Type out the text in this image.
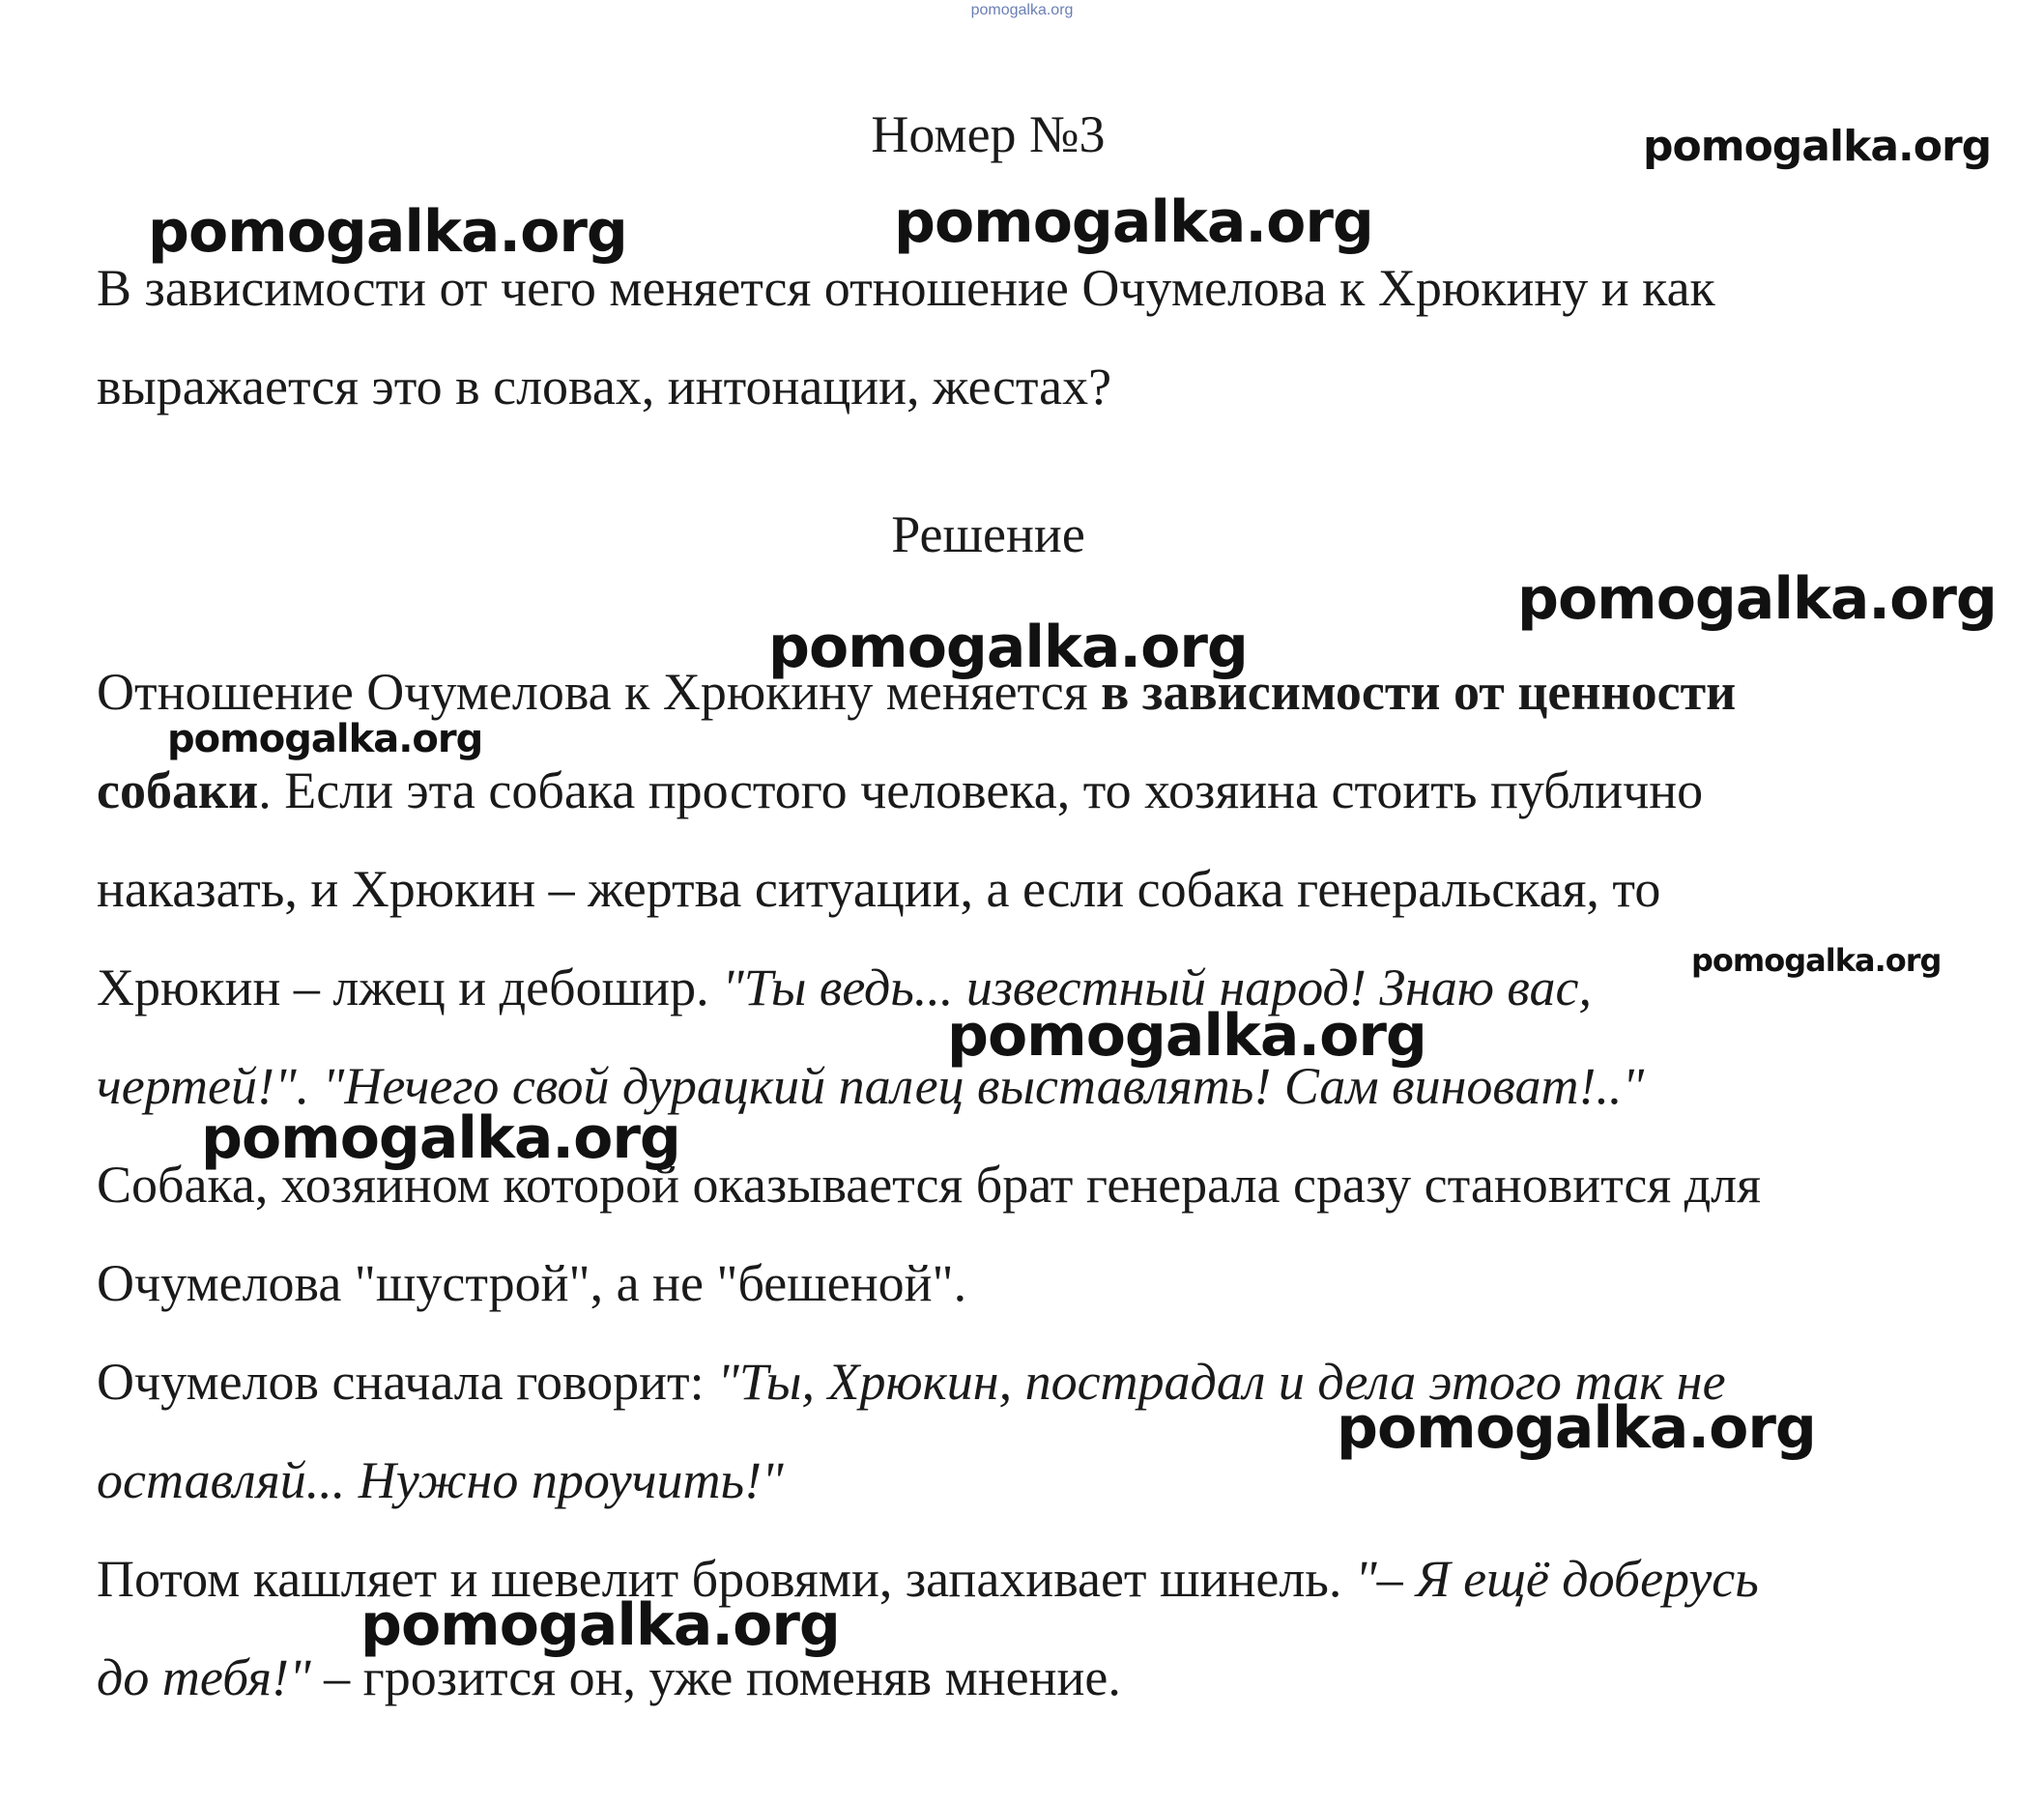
pomogalka.org
Номер №3
В зависимости от чего меняется отношение Очумелова к Хрюкину и как
выражается это в словах, интонации, жестах?
Решение
Отношение Очумелова к Хрюкину меняется в зависимости от ценности
собаки. Если эта собака простого человека, то хозяина стоить публично
наказать, и Хрюкин – жертва ситуации, а если собака генеральская, то
Хрюкин – лжец и дебошир. "Ты ведь... известный народ! Знаю вас,
чертей!". "Нечего свой дурацкий палец выставлять! Сам виноват!.."
Собака, хозяином которой оказывается брат генерала сразу становится для
Очумелова "шустрой", а не "бешеной".
Очумелов сначала говорит: "Ты, Хрюкин, пострадал и дела этого так не
оставляй... Нужно проучить!"
Потом кашляет и шевелит бровями, запахивает шинель. "– Я ещё доберусь
до тебя!" – грозится он, уже поменяв мнение.
pomogalka.org
pomogalka.org	pomogalka.org
pomogalka.org
pomogalka.org
pomogalka.org
pomogalka.org
pomogalka.org
pomogalka.org
pomogalka.org
pomogalka.org
